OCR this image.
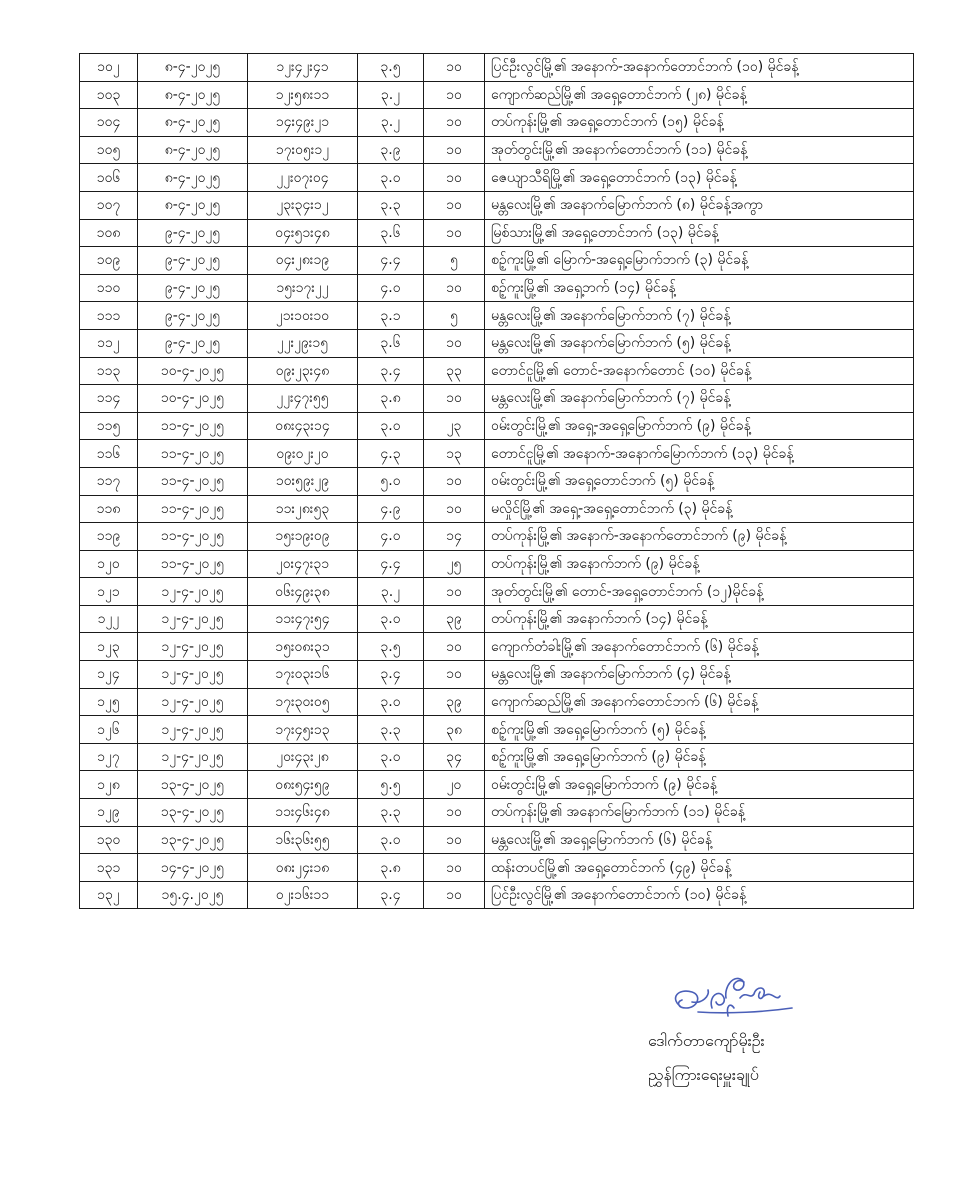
၁၀၂	၈-၄-၂၀၂၅	၁၂း၄၂း၄၁	၃.၅	၁၀	ပြင်ဦးလွင်မြို့၏ အနောက်-အနောက်တောင်ဘက် (၁၀) မိုင်ခန့်
၁၀၃	၈-၄-၂၀၂၅	၁၂း၅၈း၁၁	၃.၂	၁၀	ကျောက်ဆည်မြို့၏ အရှေ့တောင်ဘက် (၂၈) မိုင်ခန့်
၁၀၄	၈-၄-၂၀၂၅	၁၄း၄၉း၂၁	၃.၂	၁၀	တပ်ကုန်းမြို့၏ အရှေ့တောင်ဘက် (၁၅) မိုင်ခန့်
၁၀၅	၈-၄-၂၀၂၅	၁၇း၀၅း၁၂	၃.၉	၁၀	အုတ်တွင်းမြို့၏ အနောက်တောင်ဘက် (၁၁) မိုင်ခန့်
၁၀၆	၈-၄-၂၀၂၅	၂၂း၀၇း၀၄	၃.၀	၁၀	ဇေယျာသီရိမြို့၏ အရှေ့တောင်ဘက် (၁၃) မိုင်ခန့်
၁၀၇	၈-၄-၂၀၂၅	၂၃း၃၄း၁၂	၃.၃	၁၀	မန္တလေးမြို့၏ အနောက်မြောက်ဘက် (၈) မိုင်ခန့်အကွာ
၁၀၈	၉-၄-၂၀၂၅	၀၄း၅၁း၄၈	၃.၆	၁၀	မြစ်သားမြို့၏ အရှေ့တောင်ဘက် (၁၃) မိုင်ခန့်
၁၀၉	၉-၄-၂၀၂၅	၀၄း၂၈း၁၉	၄.၄	၅	စဉ့်ကူးမြို့၏ မြောက်-အရှေ့မြောက်ဘက် (၃) မိုင်ခန့်
၁၁၀	၉-၄-၂၀၂၅	၁၅း၁၇း၂၂	၄.၀	၁၀	စဉ့်ကူးမြို့၏ အရှေ့ဘက် (၁၄) မိုင်ခန့်
၁၁၁	၉-၄-၂၀၂၅	၂၁း၁၀း၁၀	၃.၁	၅	မန္တလေးမြို့၏ အနောက်မြောက်ဘက် (၇) မိုင်ခန့်
၁၁၂	၉-၄-၂၀၂၅	၂၂း၂၉း၁၅	၃.၆	၁၀	မန္တလေးမြို့၏ အနောက်မြောက်ဘက် (၅) မိုင်ခန့်
၁၁၃	၁၀-၄-၂၀၂၅	၀၉း၂၃း၄၈	၃.၄	၃၃	တောင်ငူမြို့၏ တောင်-အနောက်တောင် (၁၀) မိုင်ခန့်
၁၁၄	၁၀-၄-၂၀၂၅	၂၂း၄၇း၅၅	၃.၈	၁၀	မန္တလေးမြို့၏ အနောက်မြောက်ဘက် (၇) မိုင်ခန့်
၁၁၅	၁၁-၄-၂၀၂၅	၀၈း၄၃း၁၄	၃.၀	၂၃	ဝမ်းတွင်းမြို့၏ အရှေ့-အရှေ့မြောက်ဘက် (၉) မိုင်ခန့်
၁၁၆	၁၁-၄-၂၀၂၅	၀၉း၀၂း၂၀	၄.၃	၁၃	တောင်ငူမြို့၏ အနောက်-အနောက်မြောက်ဘက် (၁၃) မိုင်ခန့်
၁၁၇	၁၁-၄-၂၀၂၅	၁၀း၅၉း၂၉	၅.၀	၁၀	ဝမ်းတွင်းမြို့၏ အရှေ့တောင်ဘက် (၅) မိုင်ခန့်
၁၁၈	၁၁-၄-၂၀၂၅	၁၁း၂၈း၅၃	၄.၉	၁၀	မလှိုင်မြို့၏ အရှေ့-အရှေ့တောင်ဘက် (၃) မိုင်ခန့်
၁၁၉	၁၁-၄-၂၀၂၅	၁၅း၁၉း၀၉	၄.၀	၁၄	တပ်ကုန်းမြို့၏ အနောက်-အနောက်တောင်ဘက် (၉) မိုင်ခန့်
၁၂၀	၁၁-၄-၂၀၂၅	၂၀း၄၇း၃၁	၄.၄	၂၅	တပ်ကုန်းမြို့၏ အနောက်ဘက် (၉) မိုင်ခန့်
၁၂၁	၁၂-၄-၂၀၂၅	၀၆း၄၉း၃၈	၃.၂	၁၀	အုတ်တွင်းမြို့၏ တောင်-အရှေ့တောင်ဘက် (၁၂)မိုင်ခန့်
၁၂၂	၁၂-၄-၂၀၂၅	၁၁း၄၇း၅၄	၃.၀	၃၉	တပ်ကုန်းမြို့၏ အနောက်ဘက် (၁၄) မိုင်ခန့်
၁၂၃	၁၂-၄-၂၀၂၅	၁၅း၀၈း၃၁	၃.၅	၁၀	ကျောက်တံခါးမြို့၏ အနောက်တောင်ဘက် (၆) မိုင်ခန့်
၁၂၄	၁၂-၄-၂၀၂၅	၁၇း၀၃း၁၆	၃.၄	၁၀	မန္တလေးမြို့၏ အနောက်မြောက်ဘက် (၄) မိုင်ခန့်
၁၂၅	၁၂-၄-၂၀၂၅	၁၇း၃၀း၀၅	၃.၀	၃၉	ကျောက်ဆည်မြို့၏ အနောက်တောင်ဘက် (၆) မိုင်ခန့်
၁၂၆	၁၂-၄-၂၀၂၅	၁၇း၄၅း၁၃	၃.၃	၃၈	စဉ့်ကူးမြို့၏ အရှေ့မြောက်ဘက် (၅) မိုင်ခန့်
၁၂၇	၁၂-၄-၂၀၂၅	၂၀း၄၃း၂၈	၃.၀	၃၄	စဉ့်ကူးမြို့၏ အရှေ့မြောက်ဘက် (၉) မိုင်ခန့်
၁၂၈	၁၃-၄-၂၀၂၅	၀၈း၅၄း၅၉	၅.၅	၂၀	ဝမ်းတွင်းမြို့၏ အရှေ့မြောက်ဘက် (၉) မိုင်ခန့်
၁၂၉	၁၃-၄-၂၀၂၅	၁၁း၄၆း၄၈	၃.၃	၁၀	တပ်ကုန်းမြို့၏ အနောက်မြောက်ဘက် (၁၁) မိုင်ခန့်
၁၃၀	၁၃-၄-၂၀၂၅	၁၆း၃၆း၅၅	၃.၀	၁၀	မန္တလေးမြို့၏ အရှေ့မြောက်ဘက် (၆) မိုင်ခန့်
၁၃၁	၁၄-၄-၂၀၂၅	၀၈း၂၄း၁၈	၃.၈	၁၀	ထန်းတပင်မြို့၏ အရှေ့တောင်ဘက် (၄၉) မိုင်ခန့်
၁၃၂	၁၅.၄.၂၀၂၅	၀၂း၁၆း၁၁	၃.၄	၁၀	ပြင်ဦးလွင်မြို့၏ အနောက်တောင်ဘက် (၁၀) မိုင်ခန့်
ဒေါက်တာကျော်မိုးဦး
ညွှန်ကြားရေးမှူးချုပ်
